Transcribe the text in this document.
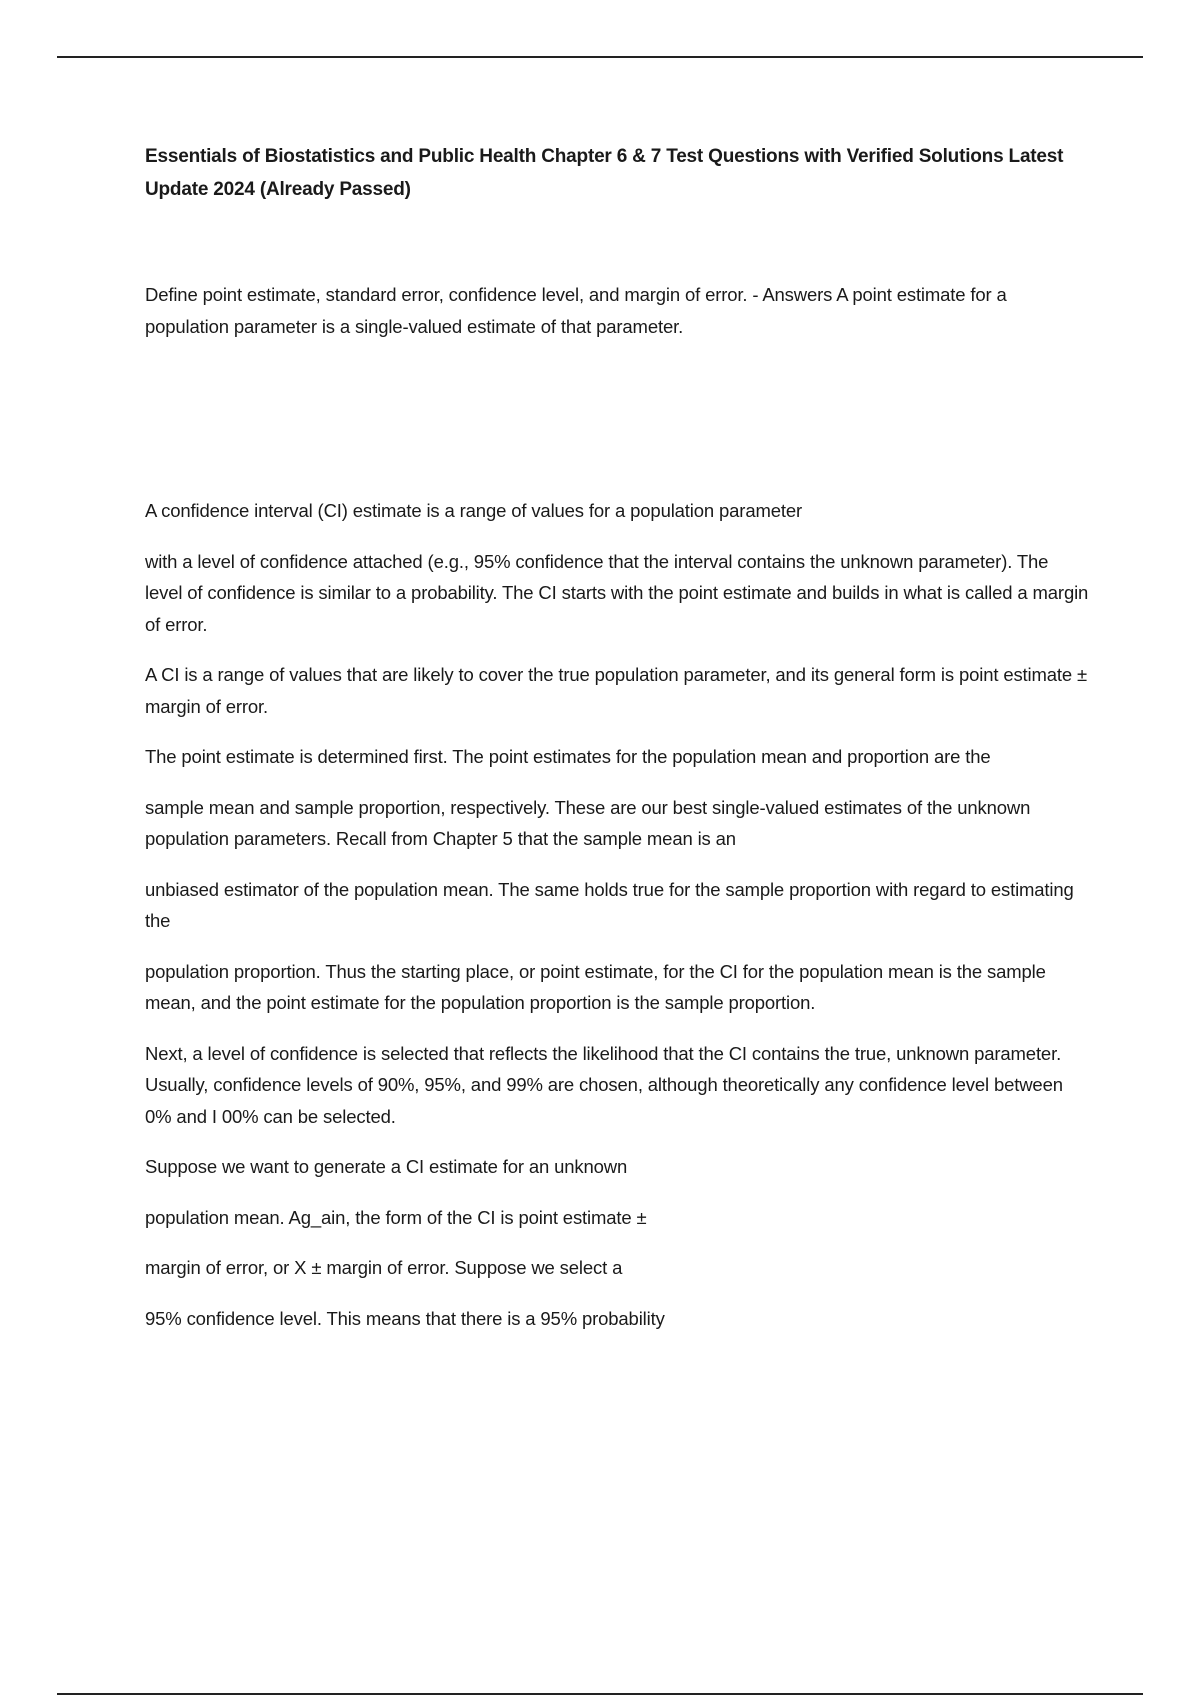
Essentials of Biostatistics and Public Health Chapter 6 & 7 Test Questions with Verified Solutions Latest Update 2024 (Already Passed)

Define point estimate, standard error, confidence level, and margin of error. - Answers A point estimate for a population parameter is a single-valued estimate of that parameter.

A confidence interval (CI) estimate is a range of values for a population parameter

with a level of confidence attached (e.g., 95% confidence that the interval contains the unknown parameter). The level of confidence is similar to a probability. The CI starts with the point estimate and builds in what is called a margin of error.

A CI is a range of values that are likely to cover the true population parameter, and its general form is point estimate ± margin of error.

The point estimate is determined first. The point estimates for the population mean and proportion are the

sample mean and sample proportion, respectively. These are our best single-valued estimates of the unknown population parameters. Recall from Chapter 5 that the sample mean is an

unbiased estimator of the population mean. The same holds true for the sample proportion with regard to estimating the

population proportion. Thus the starting place, or point estimate, for the CI for the population mean is the sample mean, and the point estimate for the population proportion is the sample proportion.

Next, a level of confidence is selected that reflects the likelihood that the CI contains the true, unknown parameter. Usually, confidence levels of 90%, 95%, and 99% are chosen, although theoretically any confidence level between 0% and I 00% can be selected.

Suppose we want to generate a CI estimate for an unknown

population mean. Ag_ain, the form of the CI is point estimate ±

margin of error, or X ± margin of error. Suppose we select a

95% confidence level. This means that there is a 95% probability
